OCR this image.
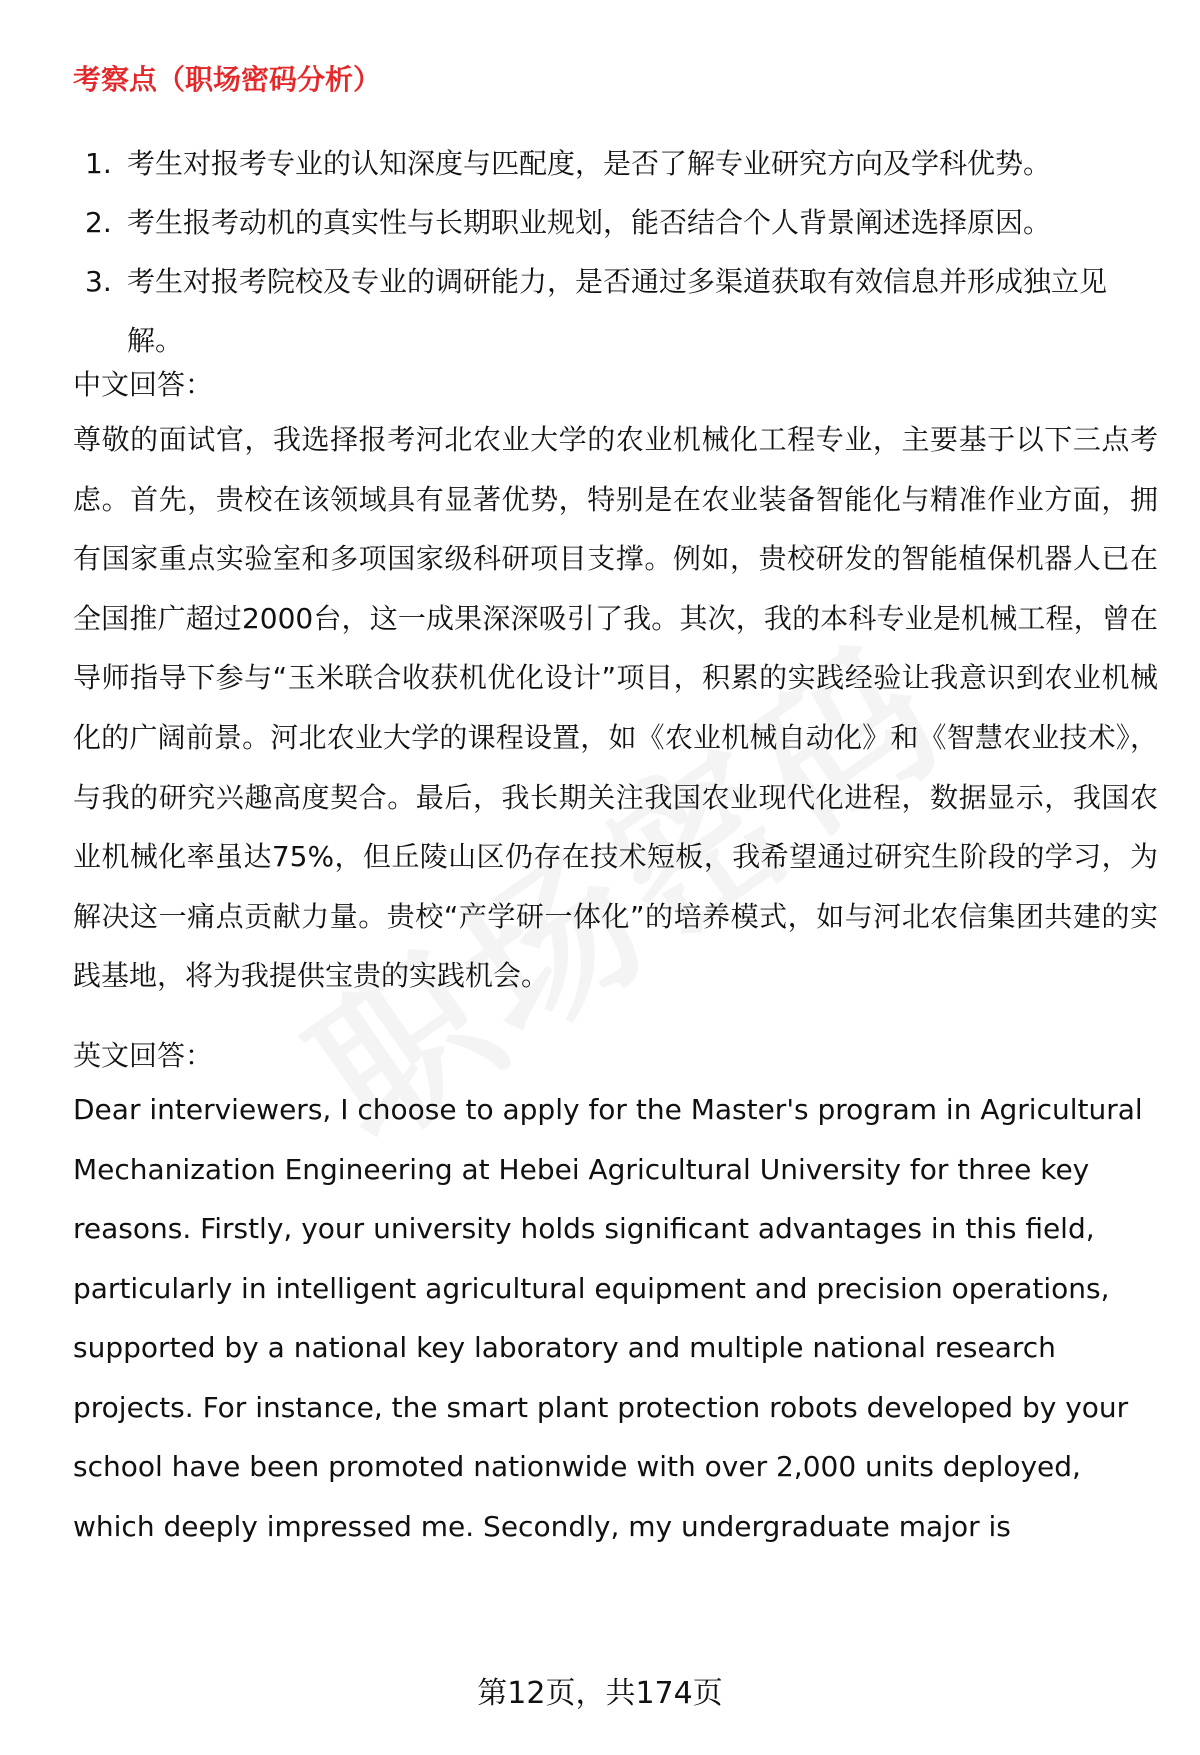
考察点（职场密码分析）
1. 考生对报考专业的认知深度与匹配度，是否了解专业研究方向及学科优势。
2. 考生报考动机的真实性与长期职业规划，能否结合个人背景阐述选择原因。
3. 考生对报考院校及专业的调研能力，是否通过多渠道获取有效信息并形成独立见解。
中文回答：

尊敬的面试官，我选择报考河北农业大学的农业机械化工程专业，主要基于以下三点考虑。首先，贵校在该领域具有显著优势，特别是在农业装备智能化与精准作业方面，拥有国家重点实验室和多项国家级科研项目支撑。例如，贵校研发的智能植保机器人已在全国推广超过2000台，这一成果深深吸引了我。其次，我的本科专业是机械工程，曾在导师指导下参与“玉米联合收获机优化设计”项目，积累的实践经验让我意识到农业机械化的广阔前景。河北农业大学的课程设置，如《农业机械自动化》和《智慧农业技术》，与我的研究兴趣高度契合。最后，我长期关注我国农业现代化进程，数据显示，我国农业机械化率虽达75%，但丘陵山区仍存在技术短板，我希望通过研究生阶段的学习，为解决这一痛点贡献力量。贵校“产学研一体化”的培养模式，如与河北农信集团共建的实践基地，将为我提供宝贵的实践机会。

英文回答：

Dear interviewers, I choose to apply for the Master's program in Agricultural Mechanization Engineering at Hebei Agricultural University for three key reasons. Firstly, your university holds significant advantages in this field, particularly in intelligent agricultural equipment and precision operations, supported by a national key laboratory and multiple national research projects. For instance, the smart plant protection robots developed by your school have been promoted nationwide with over 2,000 units deployed, which deeply impressed me. Secondly, my undergraduate major is

第12页，共174页
